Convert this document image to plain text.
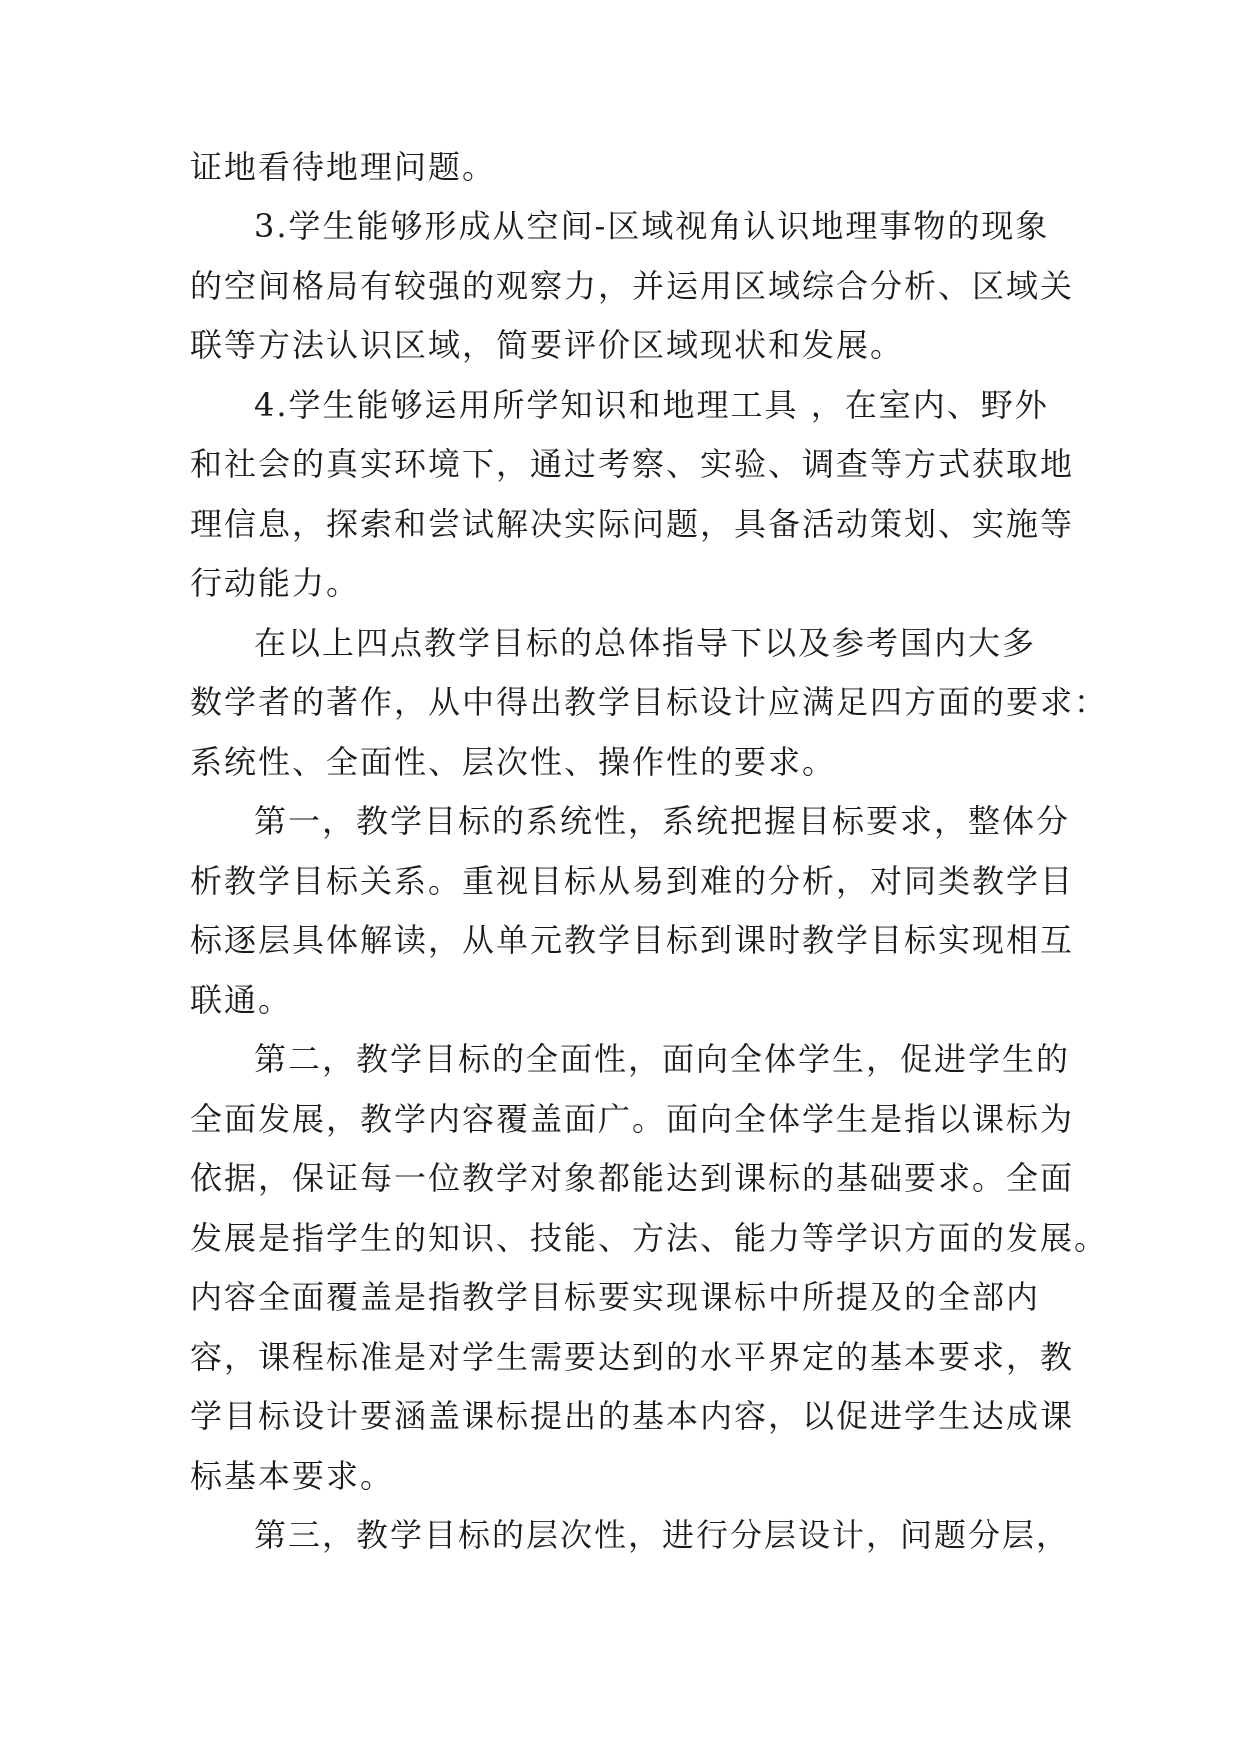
证地看待地理问题。

3.学生能够形成从空间-区域视角认识地理事物的现象

的空间格局有较强的观察力，并运用区域综合分析、区域关

联等方法认识区域，简要评价区域现状和发展。

4.学生能够运用所学知识和地理工具 ，在室内、野外

和社会的真实环境下，通过考察、实验、调查等方式获取地

理信息，探索和尝试解决实际问题，具备活动策划、实施等

行动能力。

在以上四点教学目标的总体指导下以及参考国内大多

数学者的著作，从中得出教学目标设计应满足四方面的要求：

系统性、全面性、层次性、操作性的要求。

第一，教学目标的系统性，系统把握目标要求，整体分

析教学目标关系。重视目标从易到难的分析，对同类教学目

标逐层具体解读，从单元教学目标到课时教学目标实现相互

联通。

第二，教学目标的全面性，面向全体学生，促进学生的

全面发展，教学内容覆盖面广。面向全体学生是指以课标为

依据，保证每一位教学对象都能达到课标的基础要求。全面

发展是指学生的知识、技能、方法、能力等学识方面的发展。

内容全面覆盖是指教学目标要实现课标中所提及的全部内

容，课程标准是对学生需要达到的水平界定的基本要求，教

学目标设计要涵盖课标提出的基本内容，以促进学生达成课

标基本要求。

第三，教学目标的层次性，进行分层设计，问题分层，
